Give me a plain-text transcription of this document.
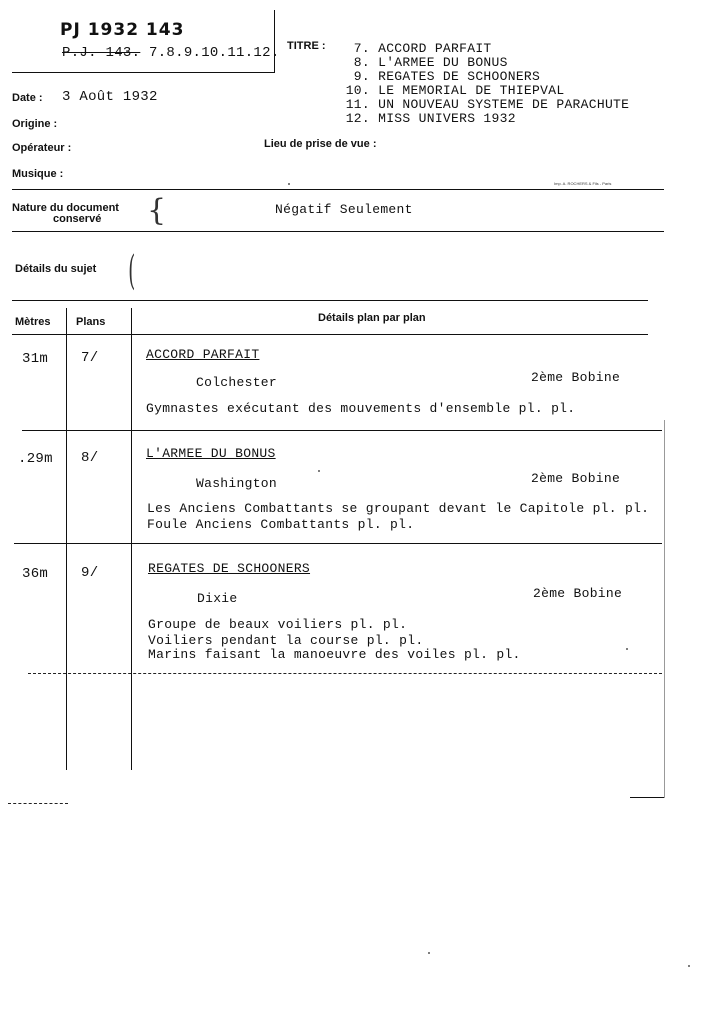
PJ 1932 143
P.J. 143. 7.8.9.10.11.12. TITRE :	7. ACCORD PARFAIT
8. L'ARMEE DU BONUS
9. REGATES DE SCHOONERS
10. LE MEMORIAL DE THIEPVAL
11. UN NOUVEAU SYSTEME DE PARACHUTE
12. MISS UNIVERS 1932
Date : 3 Août 1932
Origine :
Opérateur :	Lieu de prise de vue :
Musique :
Imp. A. ROCHERS & Fils - Paris
Nature du document
conservé {	Négatif Seulement
Détails du sujet (
Mètres Plans	Détails plan par plan
31m 7/	ACCORD PARFAIT
Colchester	2ème Bobine
Gymnastes exécutant des mouvements d'ensemble pl. pl.
.29m 8/	L'ARMEE DU BONUS
Washington	2ème Bobine
Les Anciens Combattants se groupant devant le Capitole pl. pl.
Foule Anciens Combattants pl. pl.
36m 9/	REGATES DE SCHOONERS
Dixie	2ème Bobine
Groupe de beaux voiliers pl. pl.
Voiliers pendant la course pl. pl.
Marins faisant la manoeuvre des voiles pl. pl.
